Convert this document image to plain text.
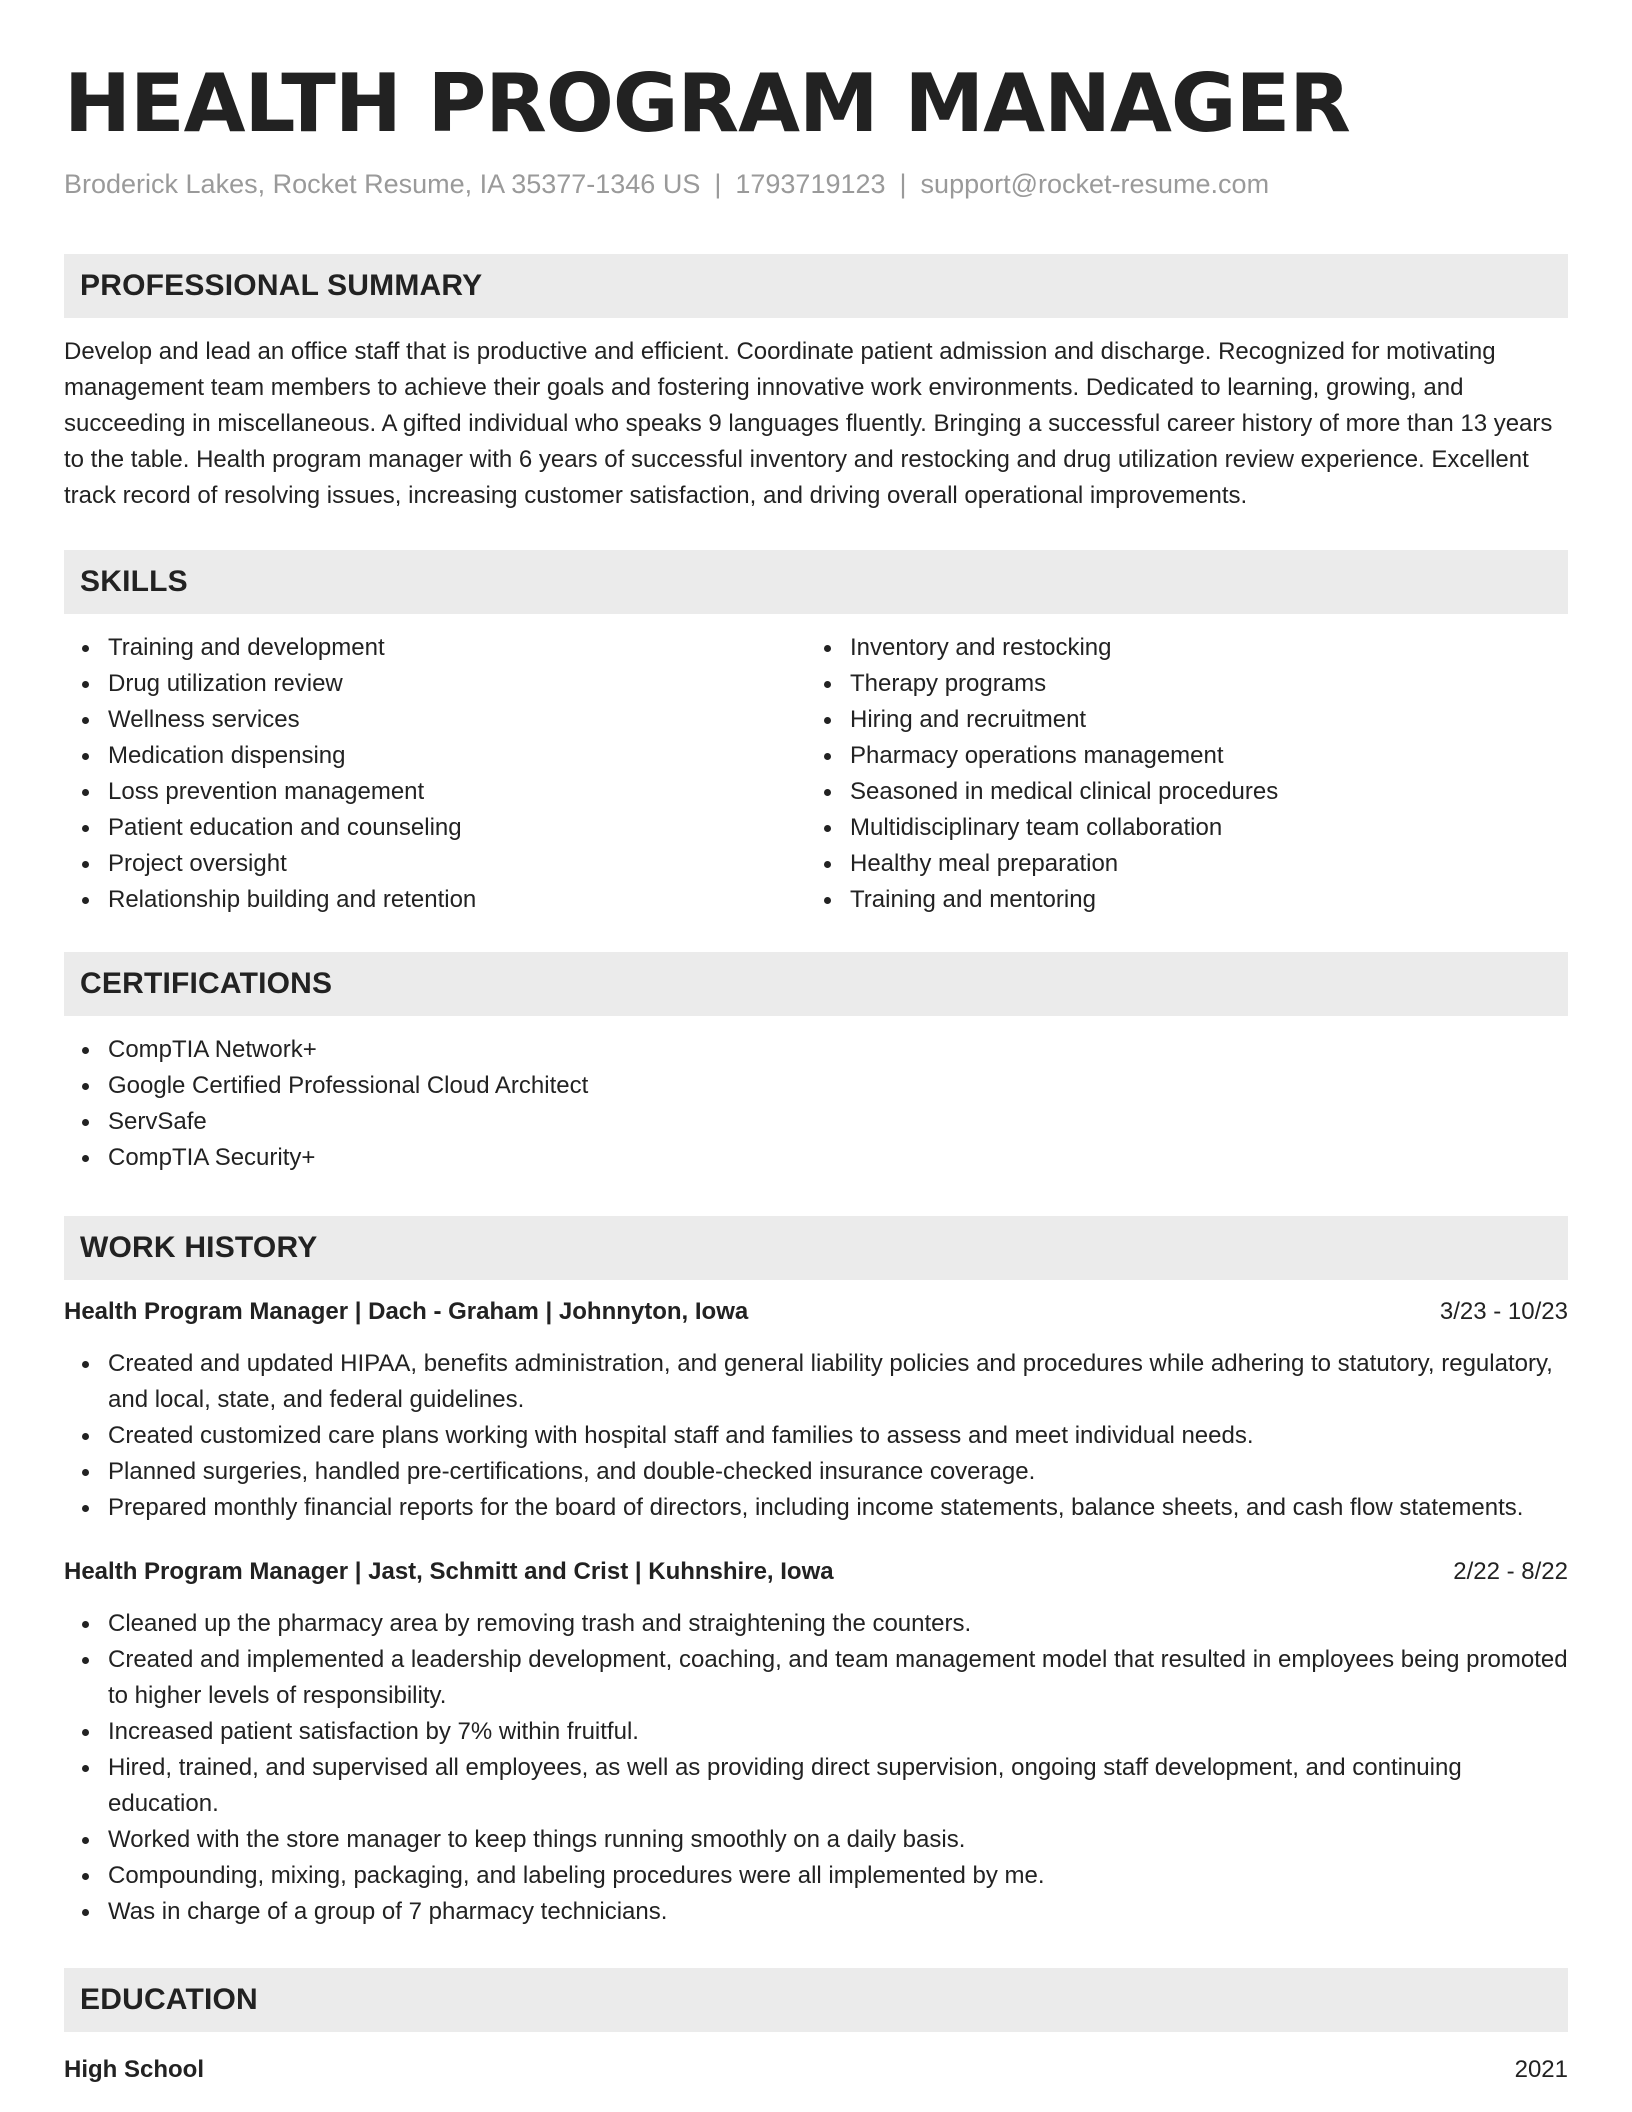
HEALTH PROGRAM MANAGER
Broderick Lakes, Rocket Resume, IA 35377-1346 US | 1793719123 | support@rocket-resume.com
PROFESSIONAL SUMMARY
Develop and lead an office staff that is productive and efficient. Coordinate patient admission and discharge. Recognized for motivating management team members to achieve their goals and fostering innovative work environments. Dedicated to learning, growing, and succeeding in miscellaneous. A gifted individual who speaks 9 languages fluently. Bringing a successful career history of more than 13 years to the table. Health program manager with 6 years of successful inventory and restocking and drug utilization review experience. Excellent track record of resolving issues, increasing customer satisfaction, and driving overall operational improvements.
SKILLS
Training and development
Drug utilization review
Wellness services
Medication dispensing
Loss prevention management
Patient education and counseling
Project oversight
Relationship building and retention
Inventory and restocking
Therapy programs
Hiring and recruitment
Pharmacy operations management
Seasoned in medical clinical procedures
Multidisciplinary team collaboration
Healthy meal preparation
Training and mentoring
CERTIFICATIONS
CompTIA Network+
Google Certified Professional Cloud Architect
ServSafe
CompTIA Security+
WORK HISTORY
Health Program Manager | Dach - Graham | Johnnyton, Iowa	3/23 - 10/23
Created and updated HIPAA, benefits administration, and general liability policies and procedures while adhering to statutory, regulatory, and local, state, and federal guidelines.
Created customized care plans working with hospital staff and families to assess and meet individual needs.
Planned surgeries, handled pre-certifications, and double-checked insurance coverage.
Prepared monthly financial reports for the board of directors, including income statements, balance sheets, and cash flow statements.
Health Program Manager | Jast, Schmitt and Crist | Kuhnshire, Iowa	2/22 - 8/22
Cleaned up the pharmacy area by removing trash and straightening the counters.
Created and implemented a leadership development, coaching, and team management model that resulted in employees being promoted to higher levels of responsibility.
Increased patient satisfaction by 7% within fruitful.
Hired, trained, and supervised all employees, as well as providing direct supervision, ongoing staff development, and continuing education.
Worked with the store manager to keep things running smoothly on a daily basis.
Compounding, mixing, packaging, and labeling procedures were all implemented by me.
Was in charge of a group of 7 pharmacy technicians.
EDUCATION
High School	2021
